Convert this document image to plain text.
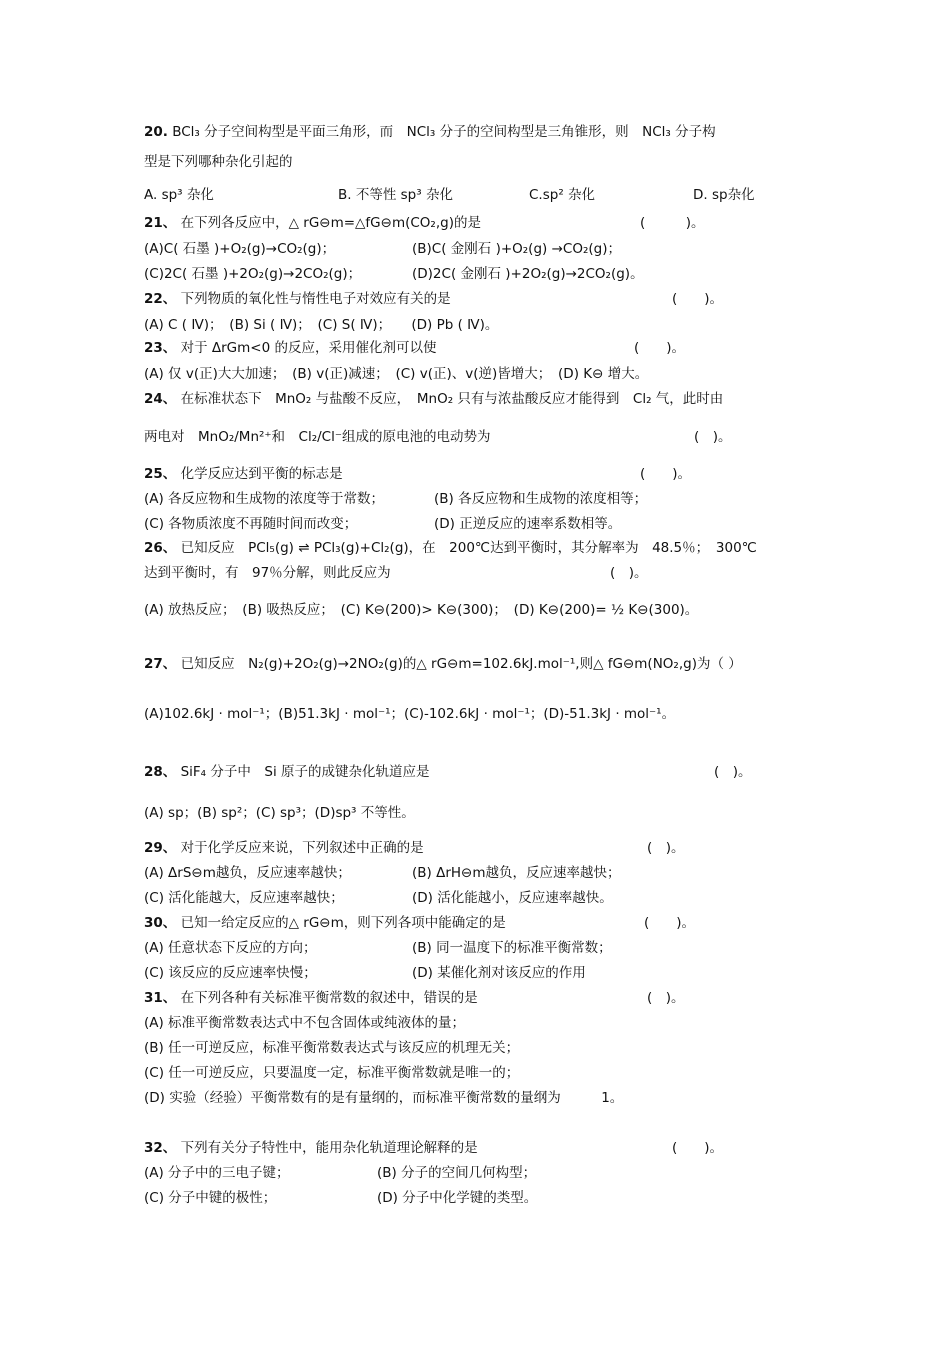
20. BCl₃ 分子空间构型是平面三角形，而　NCl₃ 分子的空间构型是三角锥形，则　NCl₃ 分子构
型是下列哪种杂化引起的
A. sp³ 杂化	B. 不等性 sp³ 杂化	C.sp² 杂化	D. sp杂化
21、 在下列各反应中，△ rG⊖m=△fG⊖m(CO₂,g)的是	(　　　)。
(A)C( 石墨 )+O₂(g)→CO₂(g)；	(B)C( 金刚石 )+O₂(g) →CO₂(g)；
(C)2C( 石墨 )+2O₂(g)→2CO₂(g)；	(D)2C( 金刚石 )+2O₂(g)→2CO₂(g)。
22、 下列物质的氧化性与惰性电子对效应有关的是	(　　)。
(A) C ( Ⅳ)；　(B) Si ( Ⅳ)；　(C) S( Ⅳ)；　　(D) Pb ( Ⅳ)。
23、 对于 ΔrGm<0 的反应，采用催化剂可以使	(　　)。
(A) 仅 v(正)大大加速；　(B) v(正)减速；　(C) v(正)、v(逆)皆增大；　(D) K⊖ 增大。
24、 在标准状态下　MnO₂ 与盐酸不反应，　MnO₂ 只有与浓盐酸反应才能得到　Cl₂ 气，此时由
两电对　MnO₂/Mn²⁺和　Cl₂/Cl⁻组成的原电池的电动势为	(　)。
25、 化学反应达到平衡的标志是	(　　)。
(A) 各反应物和生成物的浓度等于常数；	(B) 各反应物和生成物的浓度相等；
(C) 各物质浓度不再随时间而改变；	(D) 正逆反应的速率系数相等。
26、 已知反应　PCl₅(g) ⇌ PCl₃(g)+Cl₂(g)，在　200℃达到平衡时，其分解率为　48.5％；　300℃
达到平衡时，有　97％分解，则此反应为	(　)。
(A) 放热反应；　(B) 吸热反应；　(C) K⊖(200)> K⊖(300)；　(D) K⊖(200)= ½ K⊖(300)。
27、 已知反应　N₂(g)+2O₂(g)→2NO₂(g)的△ rG⊖m=102.6kJ.mol⁻¹,则△ fG⊖m(NO₂,g)为（ ）
(A)102.6kJ · mol⁻¹；(B)51.3kJ · mol⁻¹；(C)-102.6kJ · mol⁻¹；(D)-51.3kJ · mol⁻¹。
28、 SiF₄ 分子中　Si 原子的成键杂化轨道应是	(　)。
(A) sp；(B) sp²；(C) sp³；(D)sp³ 不等性。
29、 对于化学反应来说，下列叙述中正确的是	(　)。
(A) ΔrS⊖m越负，反应速率越快；	(B) ΔrH⊖m越负，反应速率越快；
(C) 活化能越大，反应速率越快；	(D) 活化能越小，反应速率越快。
30、 已知一给定反应的△ rG⊖m，则下列各项中能确定的是	(　　)。
(A) 任意状态下反应的方向；	(B) 同一温度下的标准平衡常数；
(C) 该反应的反应速率快慢；	(D) 某催化剂对该反应的作用
31、 在下列各种有关标准平衡常数的叙述中，错误的是	(　)。
(A) 标准平衡常数表达式中不包含固体或纯液体的量；
(B) 任一可逆反应，标准平衡常数表达式与该反应的机理无关；
(C) 任一可逆反应，只要温度一定，标准平衡常数就是唯一的；
(D) 实验（经验）平衡常数有的是有量纲的，而标准平衡常数的量纲为　　　1。
32、 下列有关分子特性中，能用杂化轨道理论解释的是	(　　)。
(A) 分子中的三电子键；	(B) 分子的空间几何构型；
(C) 分子中键的极性；	(D) 分子中化学键的类型。
